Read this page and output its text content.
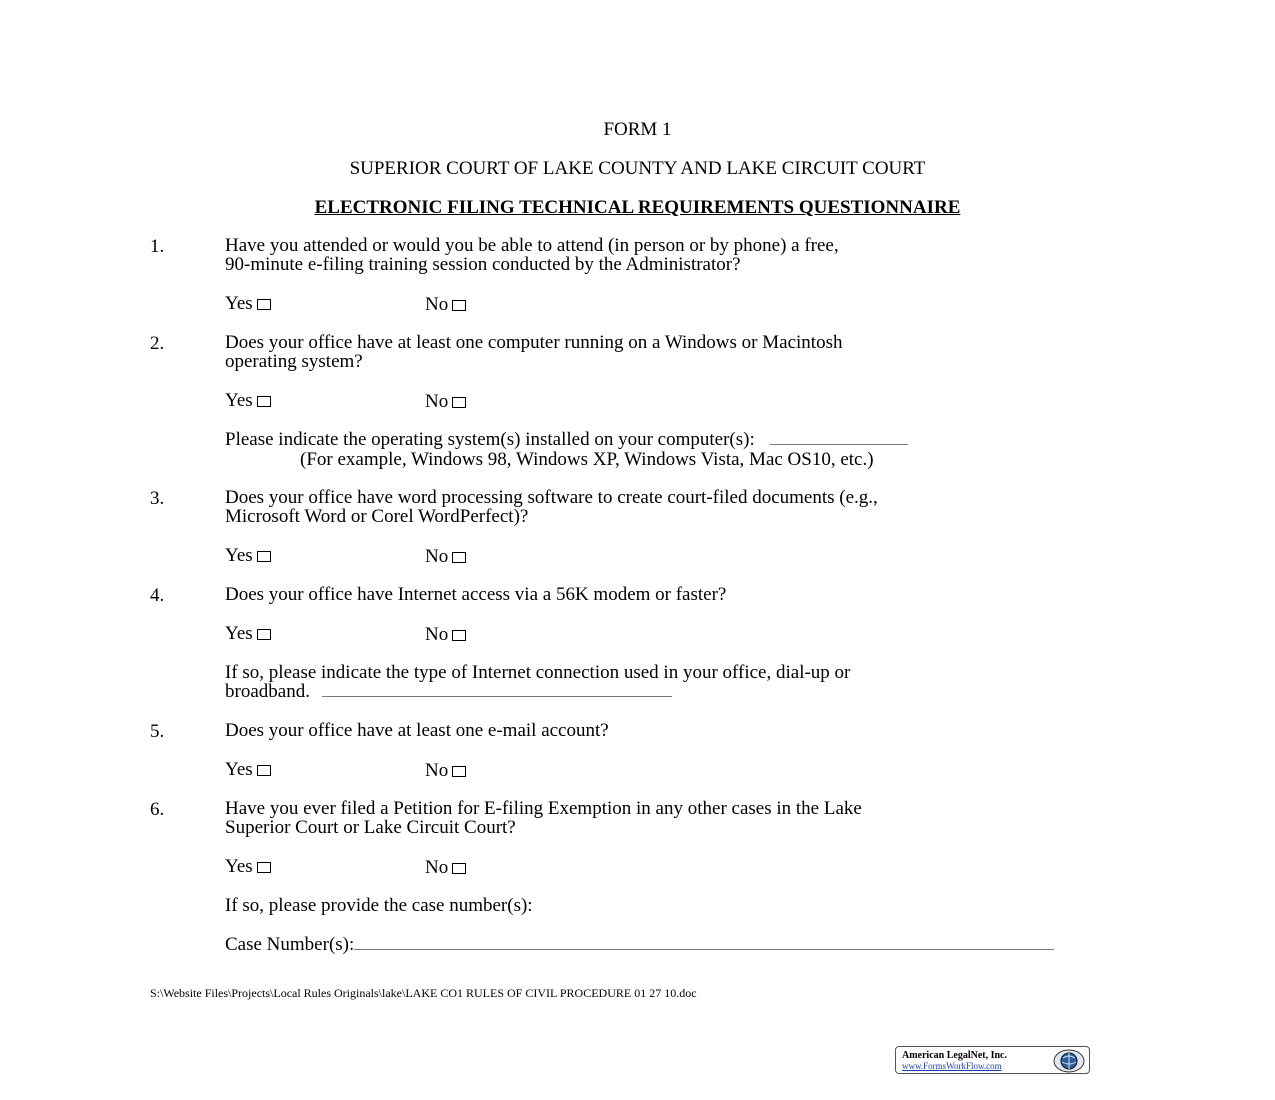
FORM 1
SUPERIOR COURT OF LAKE COUNTY AND LAKE CIRCUIT COURT
ELECTRONIC FILING TECHNICAL REQUIREMENTS QUESTIONNAIRE
1.	Have you attended or would you be able to attend (in person or by phone) a free,
90-minute e-filing training session conducted by the Administrator?
Yes	No
2.	Does your office have at least one computer running on a Windows or Macintosh
operating system?
Yes	No
Please indicate the operating system(s) installed on your computer(s):
(For example, Windows 98, Windows XP, Windows Vista, Mac OS10, etc.)
3.	Does your office have word processing software to create court-filed documents (e.g.,
Microsoft Word or Corel WordPerfect)?
Yes	No
4.	Does your office have Internet access via a 56K modem or faster?
Yes	No
If so, please indicate the type of Internet connection used in your office, dial-up or
broadband.
5.	Does your office have at least one e-mail account?
Yes	No
6.	Have you ever filed a Petition for E-filing Exemption in any other cases in the Lake
Superior Court or Lake Circuit Court?
Yes	No
If so, please provide the case number(s):
Case Number(s):
S:\Website Files\Projects\Local Rules Originals\lake\LAKE CO1 RULES OF CIVIL PROCEDURE 01 27 10.doc
American LegalNet, Inc.
www.FormsWorkFlow.com
